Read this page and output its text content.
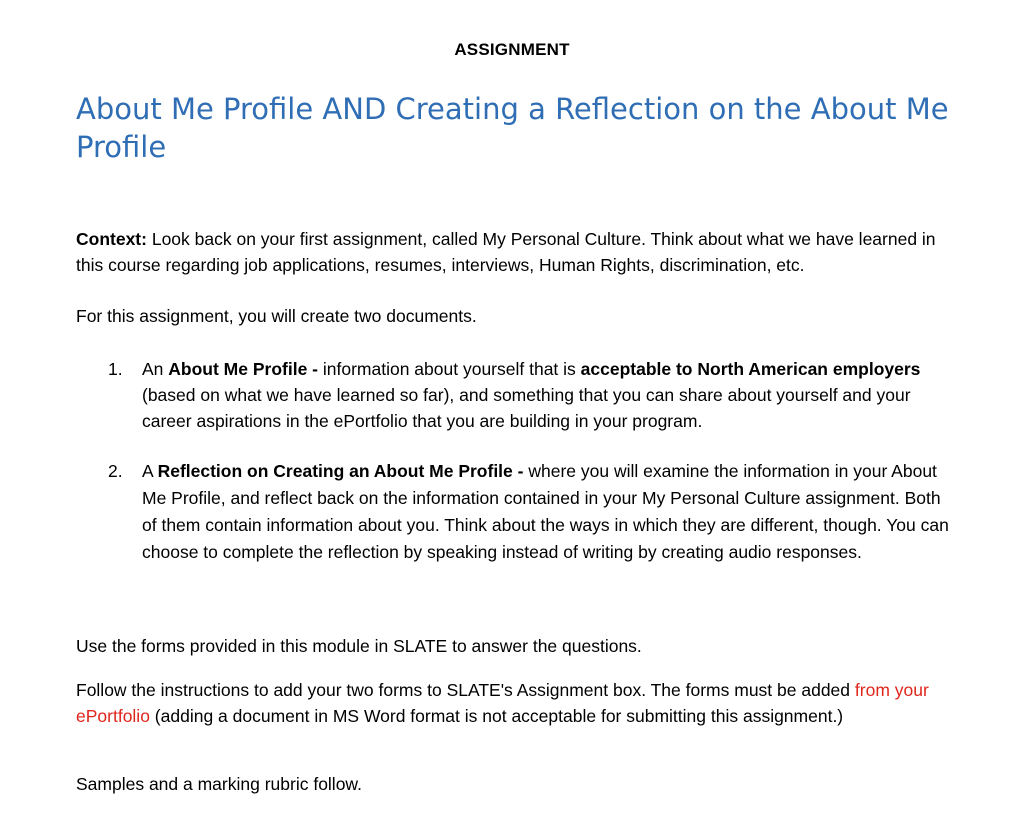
ASSIGNMENT
About Me Profile AND Creating a Reflection on the About Me Profile

Context: Look back on your first assignment, called My Personal Culture. Think about what we have learned in this course regarding job applications, resumes, interviews, Human Rights, discrimination, etc.

For this assignment, you will create two documents.

1.	An About Me Profile - information about yourself that is acceptable to North American employers (based on what we have learned so far), and something that you can share about yourself and your career aspirations in the ePortfolio that you are building in your program.
2.	A Reflection on Creating an About Me Profile - where you will examine the information in your About Me Profile, and reflect back on the information contained in your My Personal Culture assignment. Both of them contain information about you. Think about the ways in which they are different, though. You can choose to complete the reflection by speaking instead of writing by creating audio responses.

Use the forms provided in this module in SLATE to answer the questions.

Follow the instructions to add your two forms to SLATE's Assignment box. The forms must be added from your ePortfolio (adding a document in MS Word format is not acceptable for submitting this assignment.)

Samples and a marking rubric follow.
